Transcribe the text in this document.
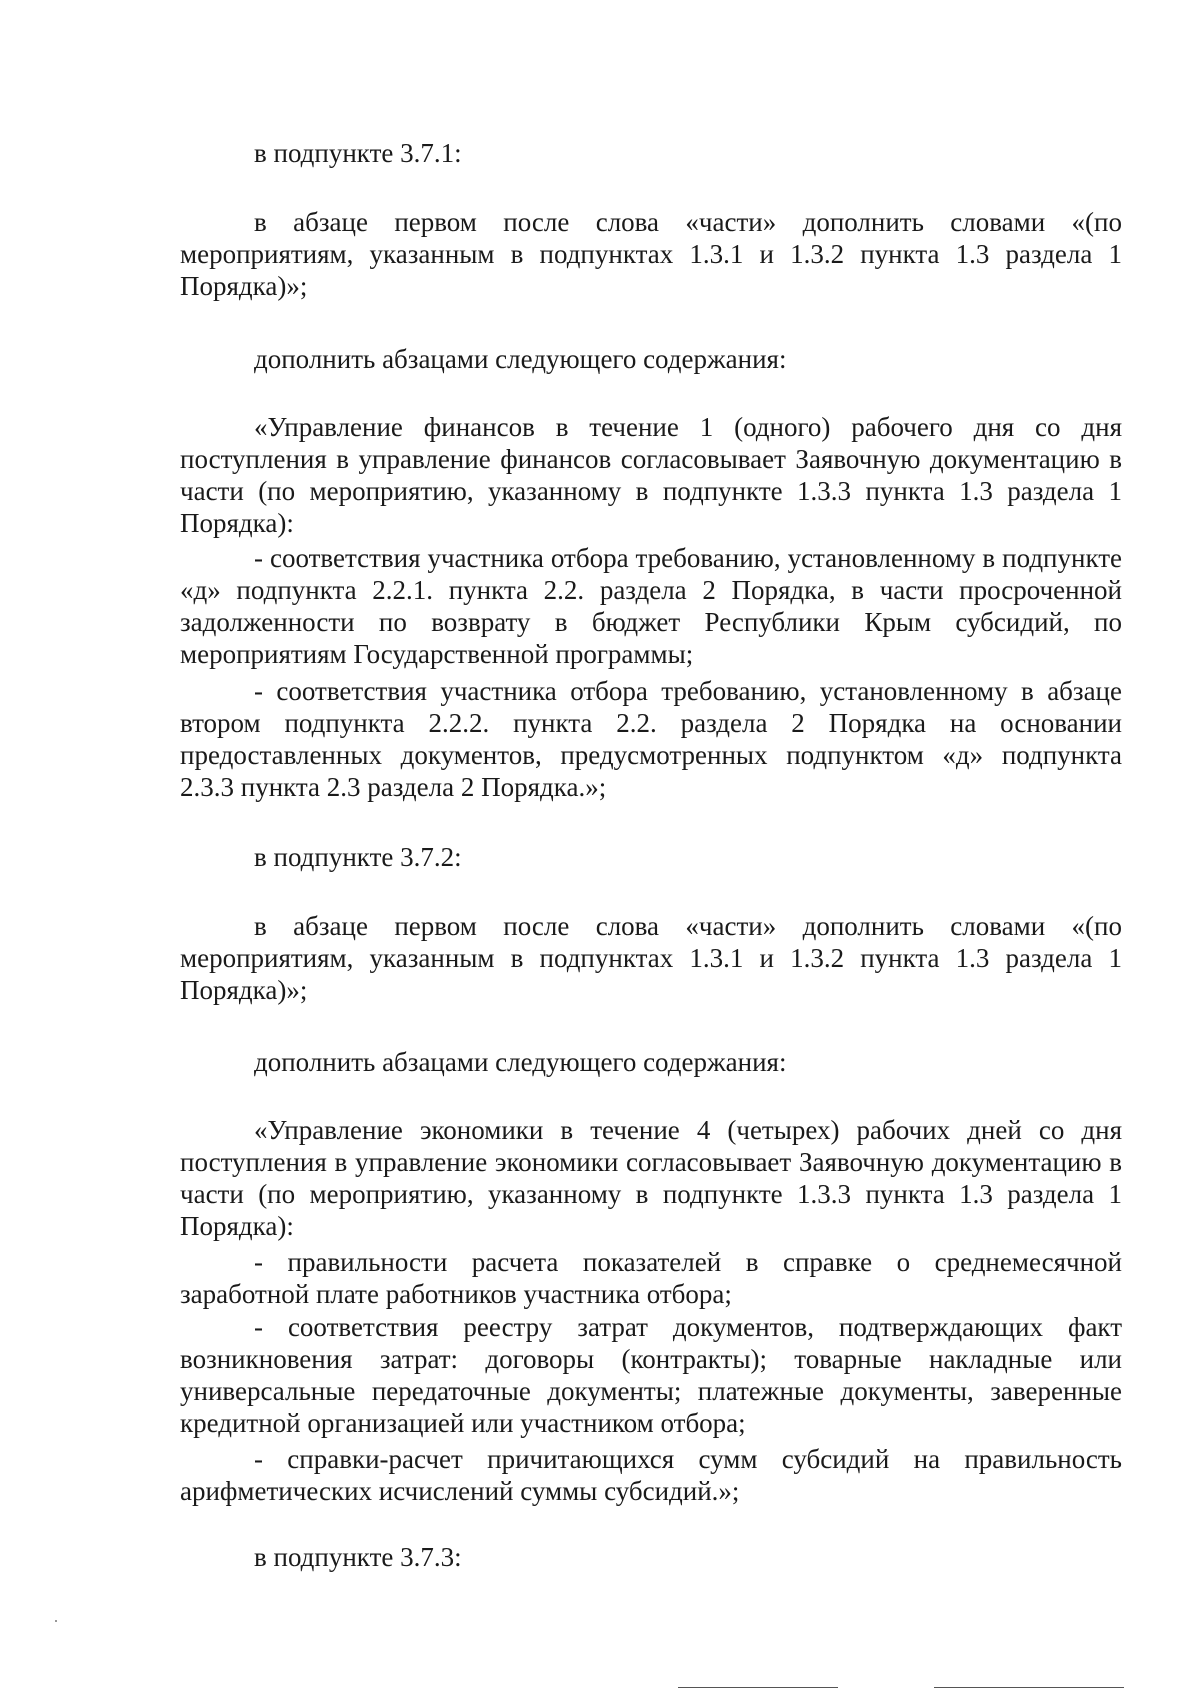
в подпункте 3.7.1:

в абзаце первом после слова «части» дополнить словами «(по мероприятиям, указанным в подпунктах 1.3.1 и 1.3.2 пункта 1.3 раздела 1 Порядка)»;

дополнить абзацами следующего содержания:

«Управление финансов в течение 1 (одного) рабочего дня со дня поступления в управление финансов согласовывает Заявочную документацию в части (по мероприятию, указанному в подпункте 1.3.3 пункта 1.3 раздела 1 Порядка):

- соответствия участника отбора требованию, установленному в подпункте «д» подпункта 2.2.1. пункта 2.2. раздела 2 Порядка, в части просроченной задолженности по возврату в бюджет Республики Крым субсидий, по мероприятиям Государственной программы;

- соответствия участника отбора требованию, установленному в абзаце втором подпункта 2.2.2. пункта 2.2. раздела 2 Порядка на основании предоставленных документов, предусмотренных подпунктом «д» подпункта 2.3.3 пункта 2.3 раздела 2 Порядка.»;

в подпункте 3.7.2:

в абзаце первом после слова «части» дополнить словами «(по мероприятиям, указанным в подпунктах 1.3.1 и 1.3.2 пункта 1.3 раздела 1 Порядка)»;

дополнить абзацами следующего содержания:

«Управление экономики в течение 4 (четырех) рабочих дней со дня поступления в управление экономики согласовывает Заявочную документацию в части (по мероприятию, указанному в подпункте 1.3.3 пункта 1.3 раздела 1 Порядка):

- правильности расчета показателей в справке о среднемесячной заработной плате работников участника отбора;

- соответствия реестру затрат документов, подтверждающих факт возникновения затрат: договоры (контракты); товарные накладные или универсальные передаточные документы; платежные документы, заверенные кредитной организацией или участником отбора;

- справки-расчет причитающихся сумм субсидий на правильность арифметических исчислений суммы субсидий.»;

в подпункте 3.7.3:
